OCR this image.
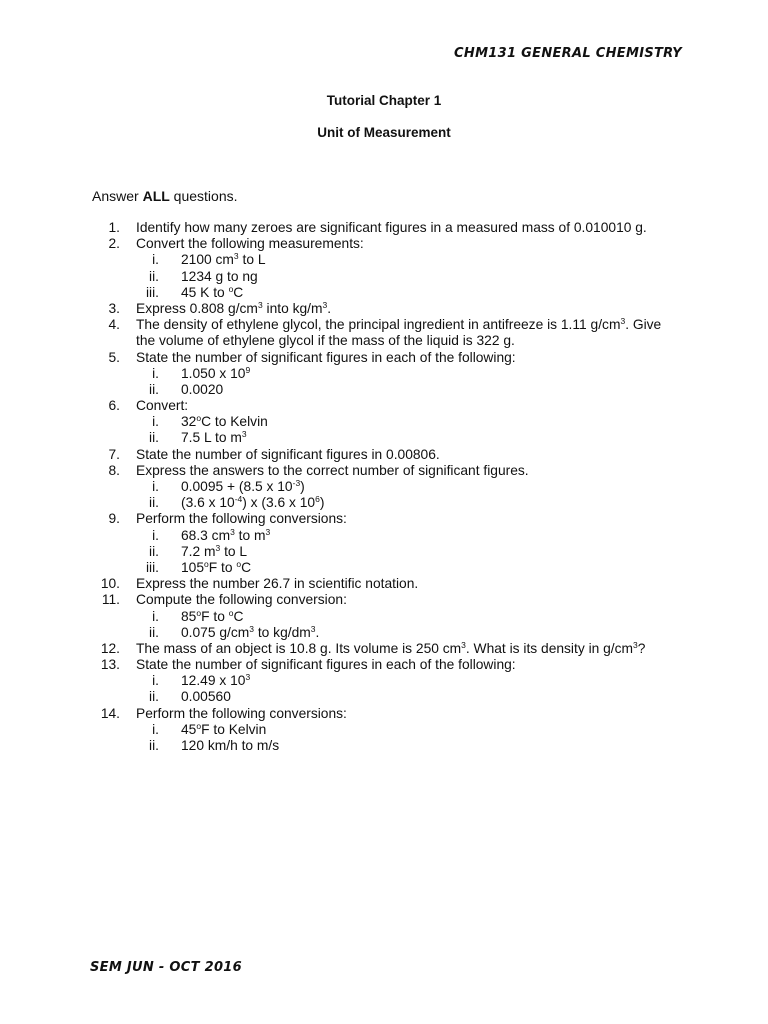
CHM131 GENERAL CHEMISTRY
Tutorial Chapter 1
Unit of Measurement
Answer ALL questions.
1. Identify how many zeroes are significant figures in a measured mass of 0.010010 g.
2. Convert the following measurements:
i. 2100 $cm^3$ to L
ii. 1234 g to ng
iii. 45 K to $^o$C
3. Express 0.808 $g/cm^3$ into $kg/m^3$.
4. The density of ethylene glycol, the principal ingredient in antifreeze is 1.11 $g/cm^3$. Give
the volume of ethylene glycol if the mass of the liquid is 322 g.
5. State the number of significant figures in each of the following:
i. 1.050 x $10^9$
ii. 0.0020
6. Convert:
i. 32$^o$C to Kelvin
ii. 7.5 L to $m^3$
7. State the number of significant figures in 0.00806.
8. Express the answers to the correct number of significant figures.
i. 0.0095 + (8.5 x $10^{-3}$)
ii. (3.6 x $10^{-4}$) x (3.6 x $10^6$)
9. Perform the following conversions:
i. 68.3 $cm^3$ to $m^3$
ii. 7.2 $m^3$ to L
iii. 105$^o$F to $^o$C
10. Express the number 26.7 in scientific notation.
11. Compute the following conversion:
i. 85$^o$F to $^o$C
ii. 0.075 $g/cm^3$ to $kg/dm^3$.
12. The mass of an object is 10.8 g. Its volume is 250 $cm^3$. What is its density in $g/cm^3$?
13. State the number of significant figures in each of the following:
i. 12.49 x $10^3$
ii. 0.00560
14. Perform the following conversions:
i. 45$^o$F to Kelvin
ii. 120 km/h to m/s
SEM JUN - OCT 2016
